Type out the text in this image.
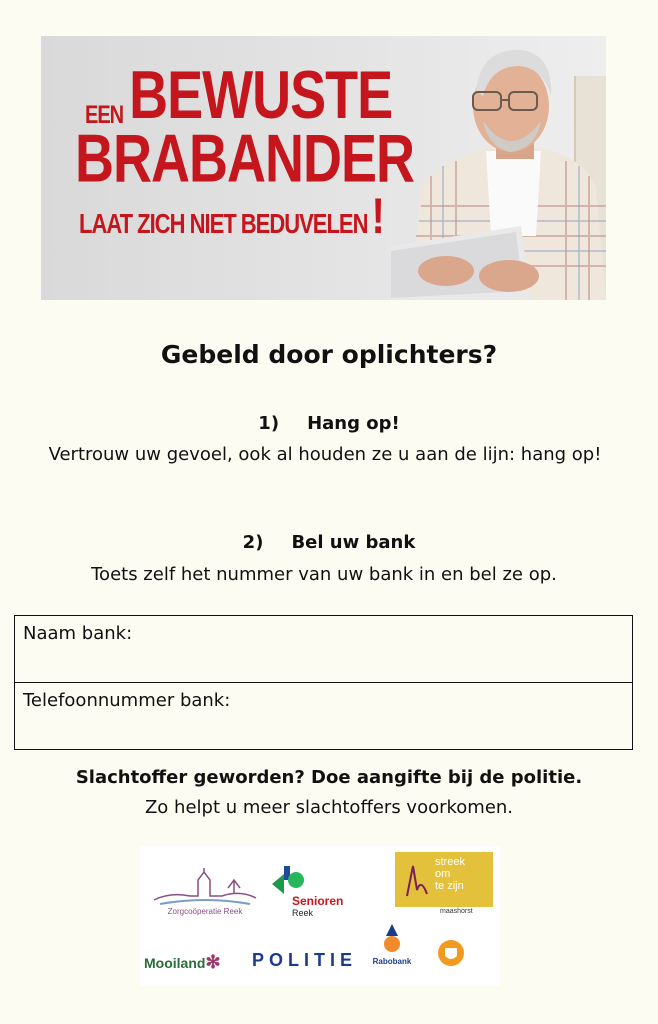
EEN BEWUSTE
BRABANDER
LAAT ZICH NIET BEDUVELEN !
Gebeld door oplichters?
1) Hang op!
Vertrouw uw gevoel, ook al houden ze u aan de lijn: hang op!
2) Bel uw bank
Toets zelf het nummer van uw bank in en bel ze op.
Naam bank:
Telefoonnummer bank:
Slachtoffer geworden? Doe aangifte bij de politie.
Zo helpt u meer slachtoffers voorkomen.
Zorgcoöperatie Reek
Senioren
Reek
streek
om
te zijn
maashorst
Mooiland✻ POLITIE Rabobank
